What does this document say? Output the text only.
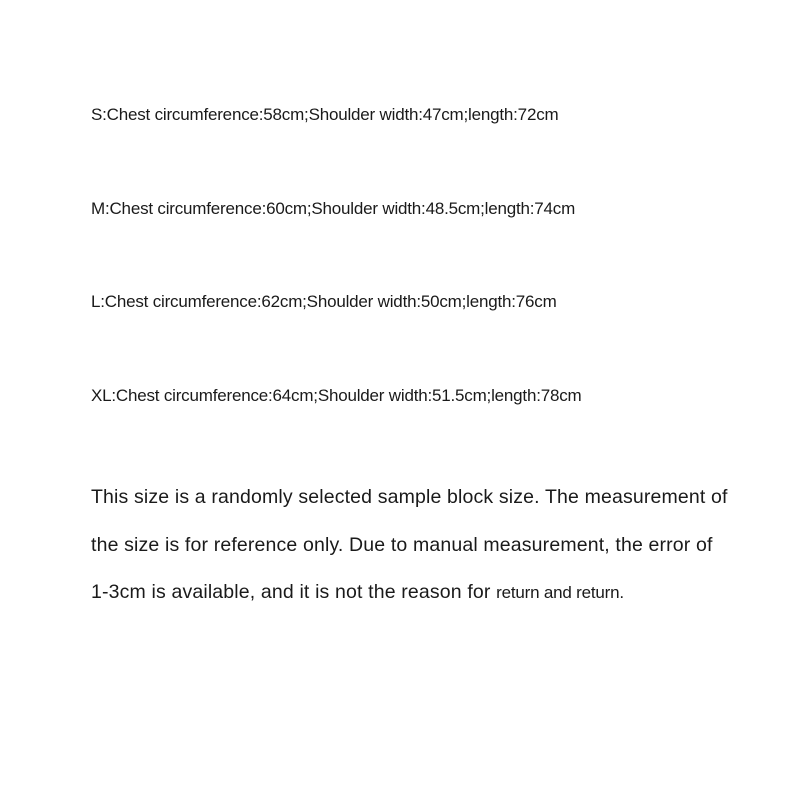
S:Chest circumference:58cm;Shoulder width:47cm;length:72cm
M:Chest circumference:60cm;Shoulder width:48.5cm;length:74cm
L:Chest circumference:62cm;Shoulder width:50cm;length:76cm
XL:Chest circumference:64cm;Shoulder width:51.5cm;length:78cm

This size is a randomly selected sample block size. The measurement of the size is for reference only. Due to manual measurement, the error of 1-3cm is available, and it is not the reason for return and return.
